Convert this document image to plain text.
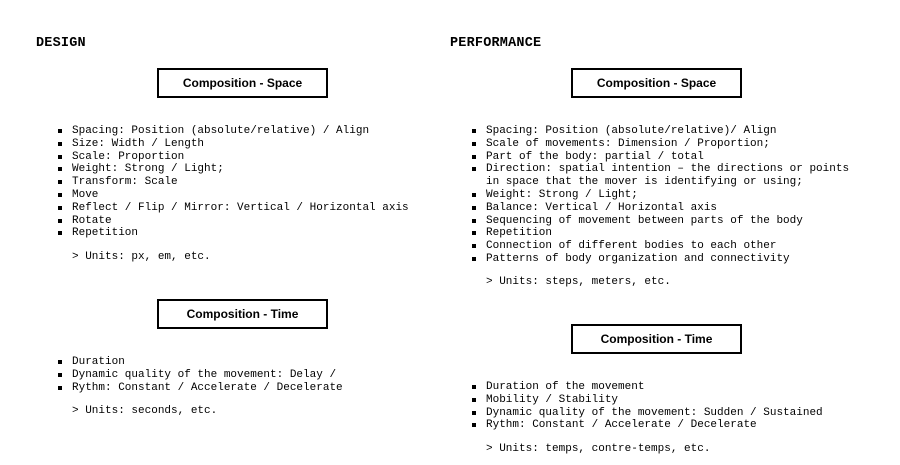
DESIGN
Composition - Space
Spacing: Position (absolute/relative) / Align
Size: Width / Length
Scale: Proportion
Weight: Strong / Light;
Transform: Scale
Move
Reflect / Flip / Mirror: Vertical / Horizontal axis
Rotate
Repetition
> Units: px, em, etc.
Composition - Time
Duration
Dynamic quality of the movement: Delay /
Rythm: Constant / Accelerate / Decelerate
> Units: seconds, etc.
PERFORMANCE
Composition - Space
Spacing: Position (absolute/relative)/ Align
Scale of movements: Dimension / Proportion;
Part of the body: partial / total
Direction: spatial intention – the directions or points
in space that the mover is identifying or using;
Weight: Strong / Light;
Balance: Vertical / Horizontal axis
Sequencing of movement between parts of the body
Repetition
Connection of different bodies to each other
Patterns of body organization and connectivity
> Units: steps, meters, etc.
Composition - Time
Duration of the movement
Mobility / Stability
Dynamic quality of the movement: Sudden / Sustained
Rythm: Constant / Accelerate / Decelerate
> Units: temps, contre-temps, etc.
